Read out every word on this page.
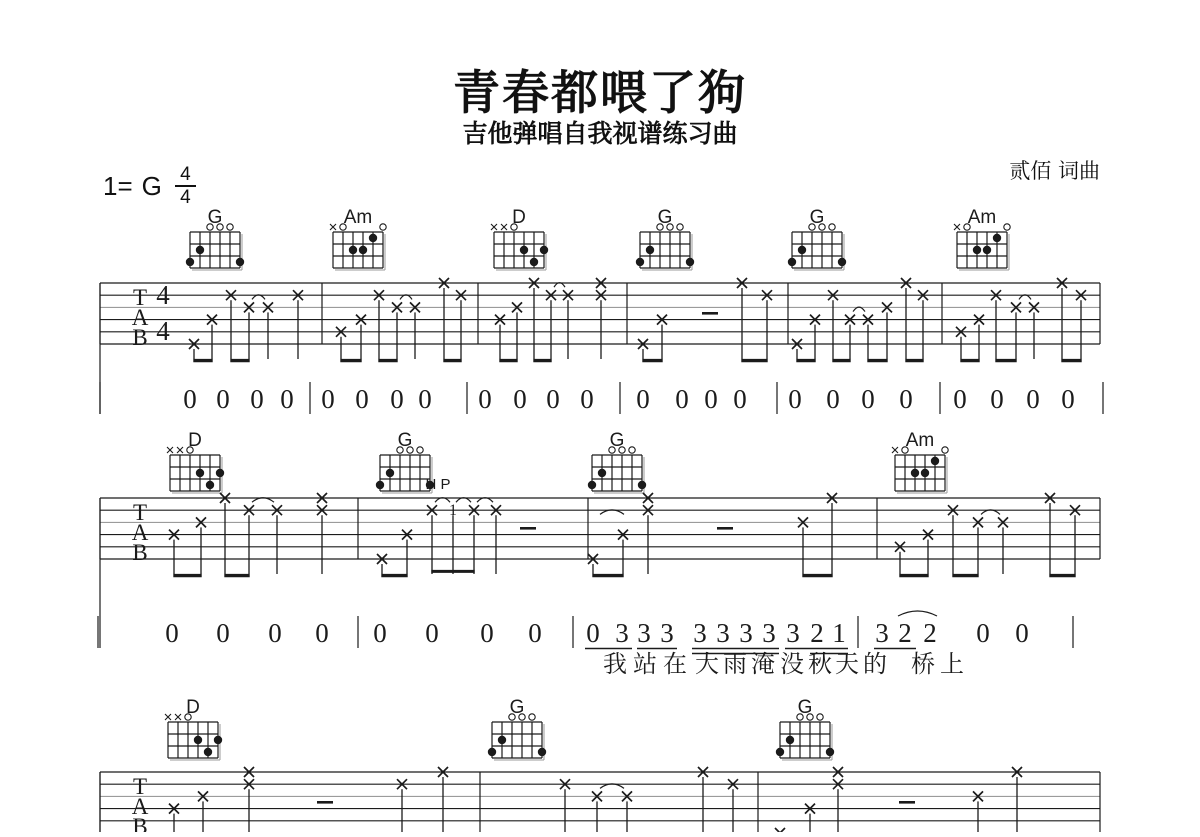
青春都喂了狗
吉他弹唱自我视谱练习曲
贰佰 词曲
1= G $\frac{4}{4}$
T
A
B
4
4
G	Am	D	G	G	Am
0 0 0 0 0 0 0 0 0 0 0 0 0 0 0 0 0 0 0 0 0 0 0 0
T
A
B
D	G	G	Am
1
H P
0 0 0 0 0 0 0 0 0 3 3 3 3 3 3 3 3 2 1 3 2 2 0 0
我 站 在 大 雨 淹 没 秋 天 的 桥 上
T
A
B
D	G	G
